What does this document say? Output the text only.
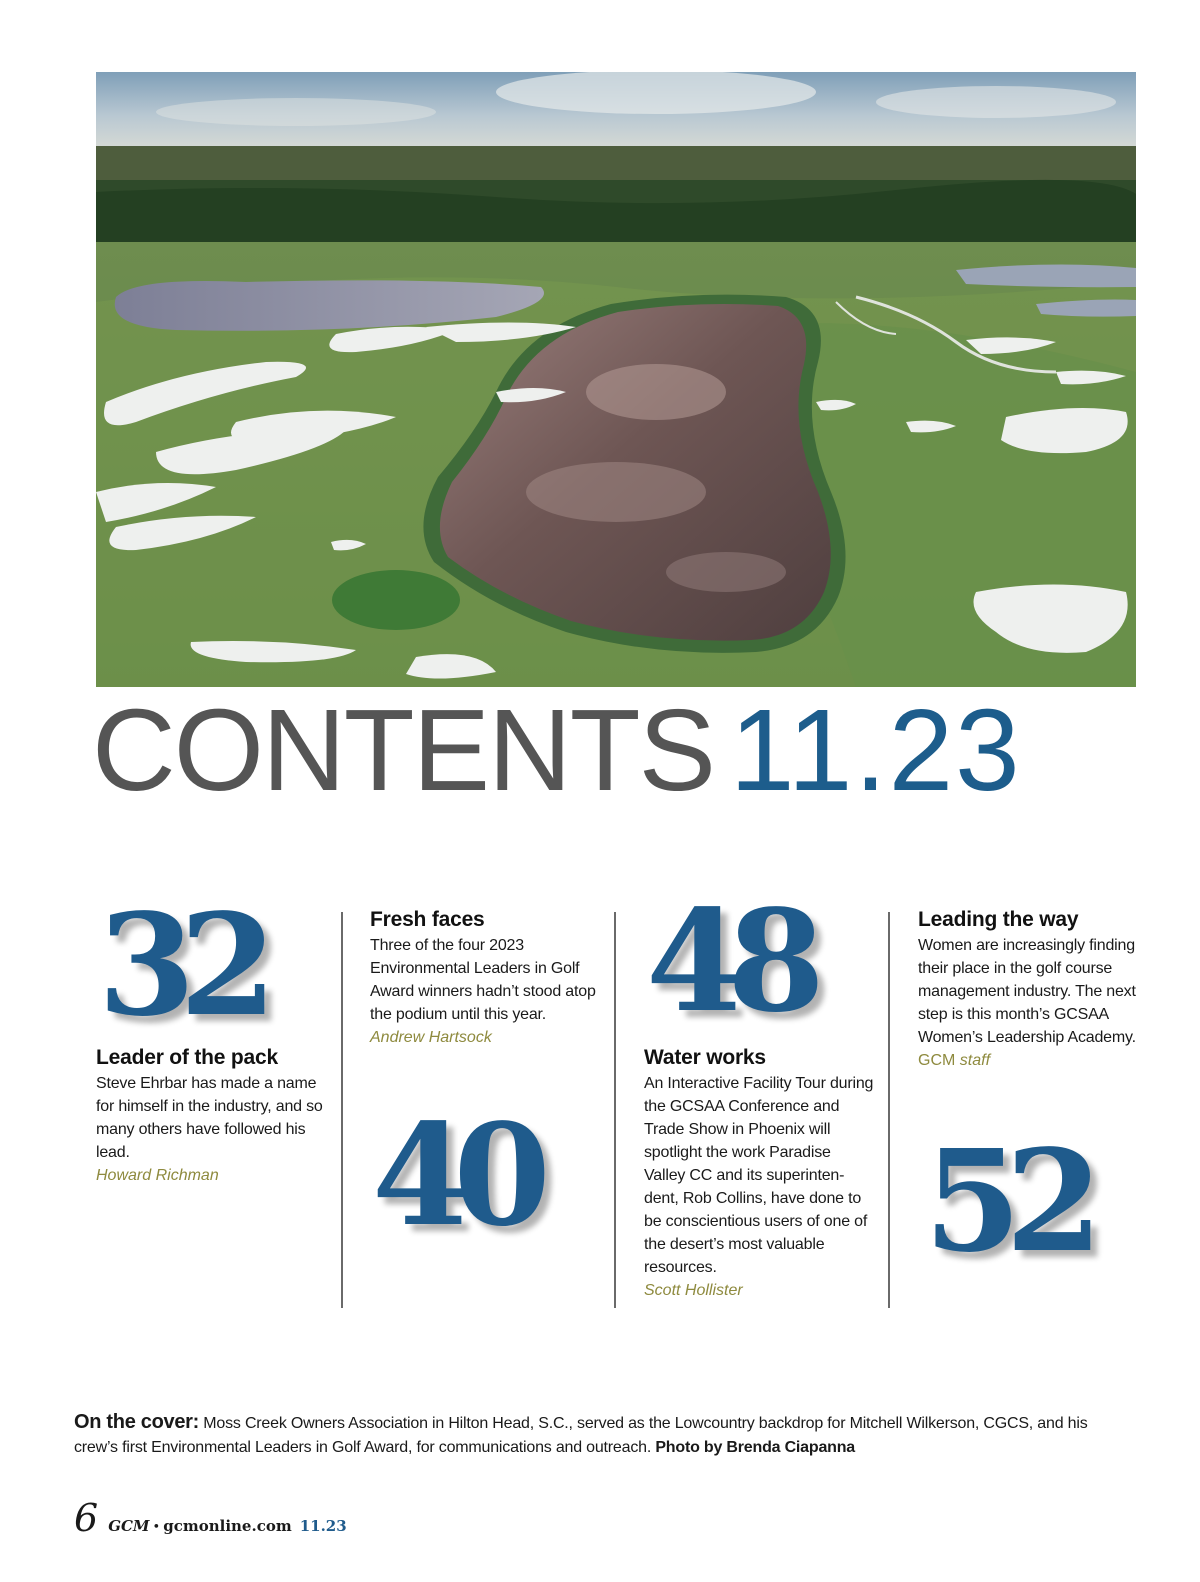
CONTENTS 11.23
32

Leader of the pack

Steve Ehrbar has made a name for himself in the industry, and so many others have followed his lead.

Howard Richman

Fresh faces

Three of the four 2023 Environmental Leaders in Golf Award winners hadn’t stood atop the podium until this year.

Andrew Hartsock

40
48

Water works

An Interactive Facility Tour during the GCSAA Conference and Trade Show in Phoenix will spotlight the work Paradise Valley CC and its superinten-dent, Rob Collins, have done to be conscientious users of one of the desert’s most valuable resources.

Scott Hollister

Leading the way

Women are increasingly finding their place in the golf course management industry. The next step is this month’s GCSAA Women’s Leadership Academy.

GCM staff

52
On the cover: Moss Creek Owners Association in Hilton Head, S.C., served as the Lowcountry backdrop for Mitchell Wilkerson, CGCS, and his crew’s first Environmental Leaders in Golf Award, for communications and outreach. Photo by Brenda Ciapanna
6 GCM • gcmonline.com 11.23
